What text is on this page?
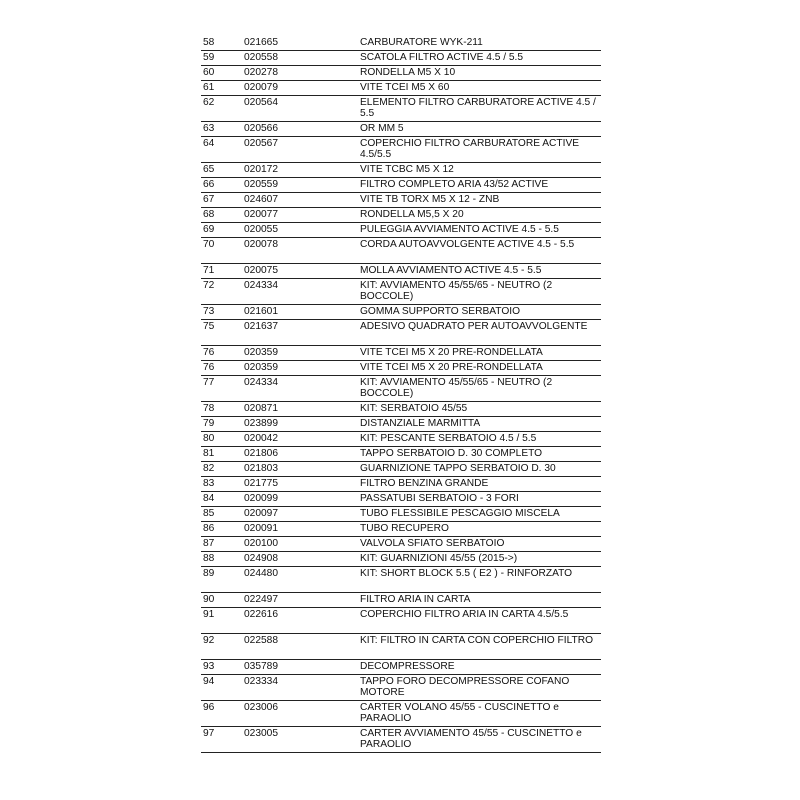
58	021665	CARBURATORE WYK-211
59	020558	SCATOLA FILTRO ACTIVE 4.5 / 5.5
60	020278	RONDELLA M5 X 10
61	020079	VITE TCEI M5 X 60
62	020564	ELEMENTO FILTRO CARBURATORE ACTIVE 4.5 / 5.5
63	020566	OR MM 5
64	020567	COPERCHIO FILTRO CARBURATORE ACTIVE 4.5/5.5
65	020172	VITE TCBC M5 X 12
66	020559	FILTRO COMPLETO ARIA 43/52 ACTIVE
67	024607	VITE TB TORX M5 X 12 - ZNB
68	020077	RONDELLA M5,5 X 20
69	020055	PULEGGIA AVVIAMENTO ACTIVE 4.5 - 5.5
70	020078	CORDA AUTOAVVOLGENTE ACTIVE 4.5 - 5.5
71	020075	MOLLA AVVIAMENTO ACTIVE 4.5 - 5.5
72	024334	KIT: AVVIAMENTO 45/55/65 - NEUTRO (2 BOCCOLE)
73	021601	GOMMA SUPPORTO SERBATOIO
75	021637	ADESIVO QUADRATO PER AUTOAVVOLGENTE
76	020359	VITE TCEI M5 X 20 PRE-RONDELLATA
76	020359	VITE TCEI M5 X 20 PRE-RONDELLATA
77	024334	KIT: AVVIAMENTO 45/55/65 - NEUTRO (2 BOCCOLE)
78	020871	KIT: SERBATOIO 45/55
79	023899	DISTANZIALE MARMITTA
80	020042	KIT: PESCANTE SERBATOIO 4.5 / 5.5
81	021806	TAPPO SERBATOIO D. 30 COMPLETO
82	021803	GUARNIZIONE TAPPO SERBATOIO D. 30
83	021775	FILTRO BENZINA GRANDE
84	020099	PASSATUBI SERBATOIO - 3 FORI
85	020097	TUBO FLESSIBILE PESCAGGIO MISCELA
86	020091	TUBO RECUPERO
87	020100	VALVOLA SFIATO SERBATOIO
88	024908	KIT: GUARNIZIONI 45/55 (2015->)
89	024480	KIT: SHORT BLOCK 5.5 ( E2 ) - RINFORZATO
90	022497	FILTRO ARIA IN CARTA
91	022616	COPERCHIO FILTRO ARIA IN CARTA 4.5/5.5
92	022588	KIT: FILTRO IN CARTA CON COPERCHIO FILTRO
93	035789	DECOMPRESSORE
94	023334	TAPPO FORO DECOMPRESSORE COFANO MOTORE
96	023006	CARTER VOLANO 45/55 - CUSCINETTO e PARAOLIO
97	023005	CARTER AVVIAMENTO 45/55 - CUSCINETTO e PARAOLIO
